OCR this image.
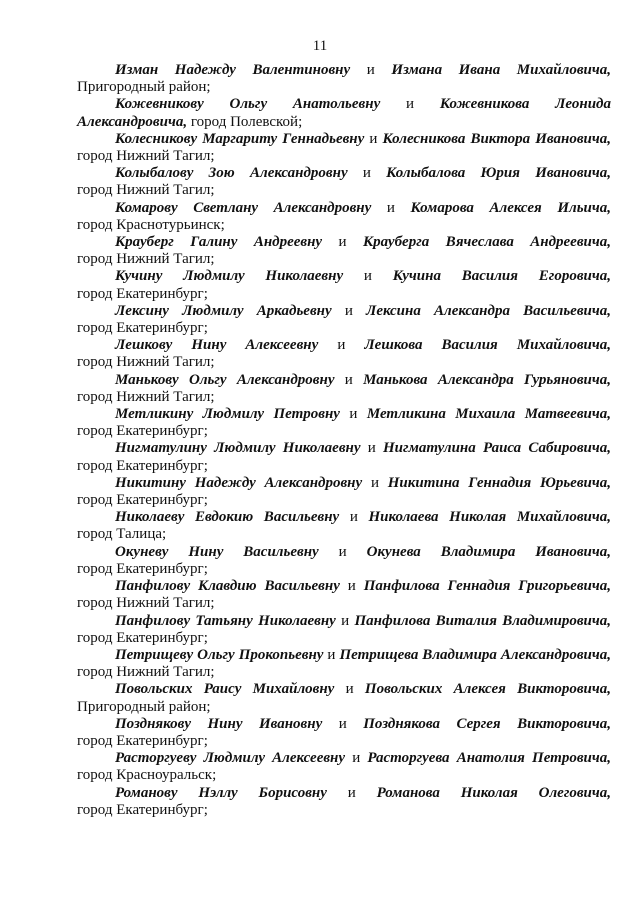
11

Изман Надежду Валентиновну и Измана Ивана Михайловича,
Пригородный район;

Кожевникову Ольгу Анатольевну и Кожевникова Леонида
Александровича, город Полевской;

Колесникову Маргариту Геннадьевну и Колесникова Виктора Ивановича,
город Нижний Тагил;

Колыбалову Зою Александровну и Колыбалова Юрия Ивановича,
город Нижний Тагил;

Комарову Светлану Александровну и Комарова Алексея Ильича,
город Краснотурьинск;

Крауберг Галину Андреевну и Крауберга Вячеслава Андреевича,
город Нижний Тагил;

Кучину Людмилу Николаевну и Кучина Василия Егоровича,
город Екатеринбург;

Лексину Людмилу Аркадьевну и Лексина Александра Васильевича,
город Екатеринбург;

Лешкову Нину Алексеевну и Лешкова Василия Михайловича,
город Нижний Тагил;

Манькову Ольгу Александровну и Манькова Александра Гурьяновича,
город Нижний Тагил;

Метликину Людмилу Петровну и Метликина Михаила Матвеевича,
город Екатеринбург;

Нигматулину Людмилу Николаевну и Нигматулина Раиса Сабировича,
город Екатеринбург;

Никитину Надежду Александровну и Никитина Геннадия Юрьевича,
город Екатеринбург;

Николаеву Евдокию Васильевну и Николаева Николая Михайловича,
город Талица;

Окуневу Нину Васильевну и Окунева Владимира Ивановича,
город Екатеринбург;

Панфилову Клавдию Васильевну и Панфилова Геннадия Григорьевича,
город Нижний Тагил;

Панфилову Татьяну Николаевну и Панфилова Виталия Владимировича,
город Екатеринбург;

Петрищеву Ольгу Прокопьевну и Петрищева Владимира Александровича,
город Нижний Тагил;

Повольских Раису Михайловну и Повольских Алексея Викторовича,
Пригородный район;

Позднякову Нину Ивановну и Позднякова Сергея Викторовича,
город Екатеринбург;

Расторгуеву Людмилу Алексеевну и Расторгуева Анатолия Петровича,
город Красноуральск;

Романову Нэллу Борисовну и Романова Николая Олеговича,
город Екатеринбург;
